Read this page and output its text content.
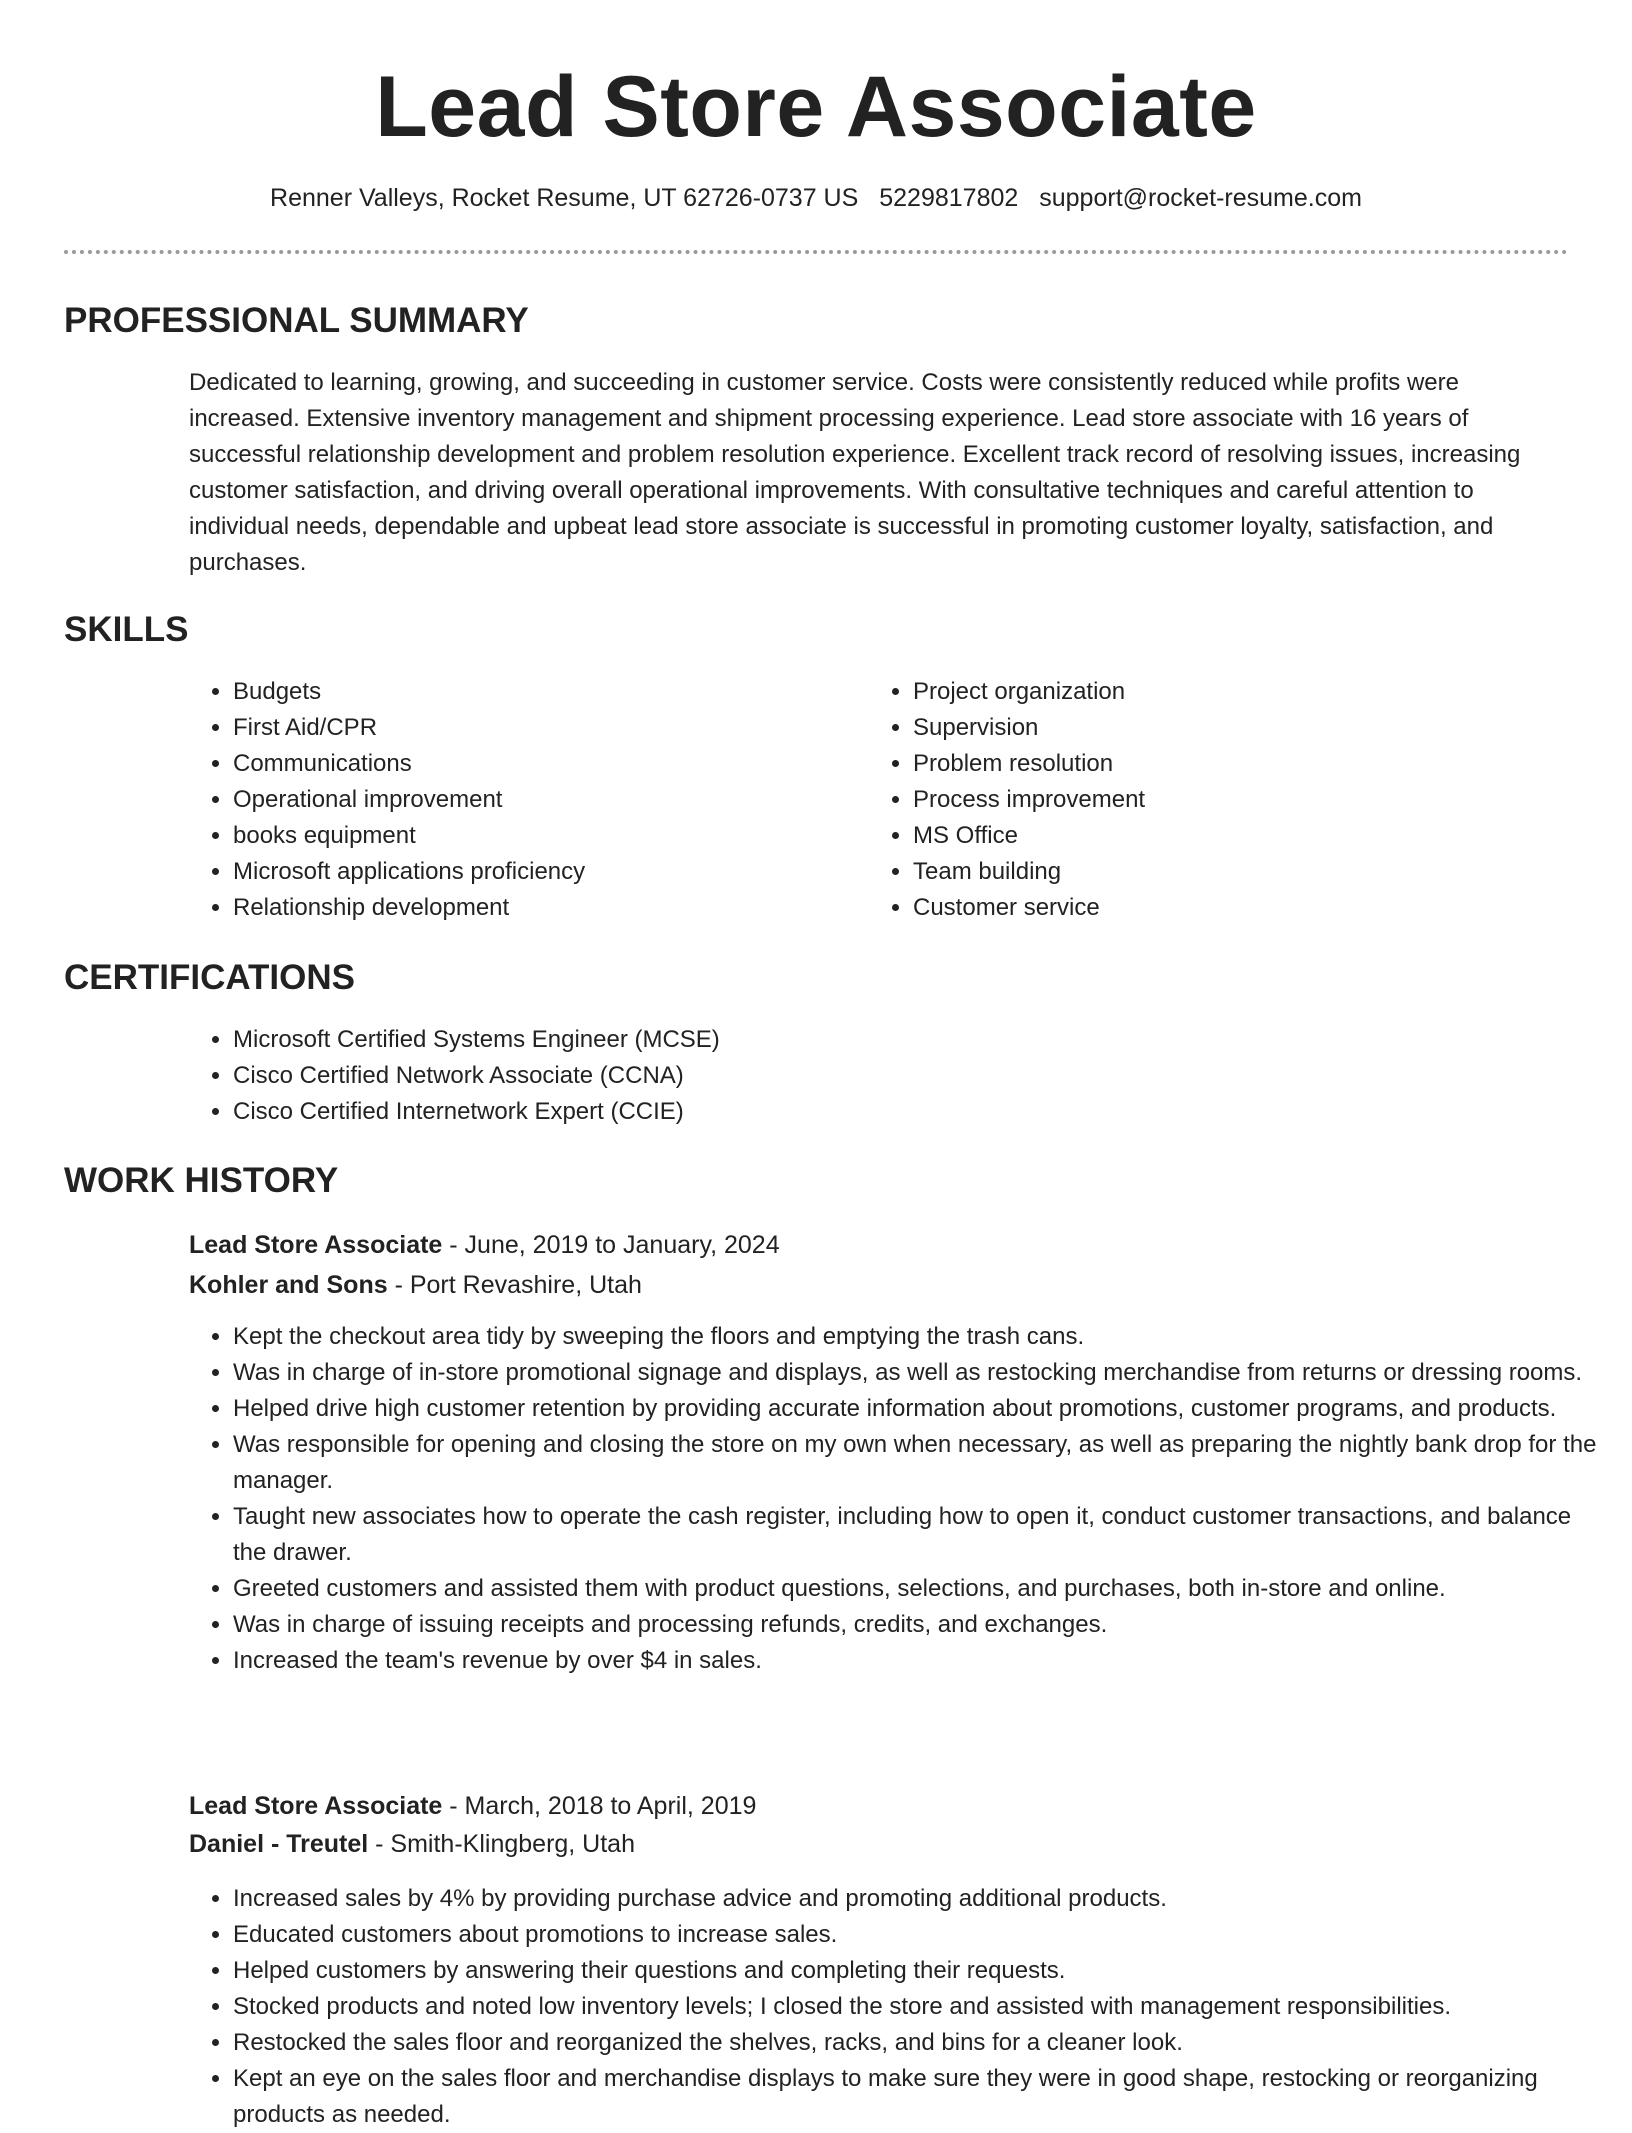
Lead Store Associate
Renner Valleys, Rocket Resume, UT 62726-0737 US 5229817802 support@rocket-resume.com
PROFESSIONAL SUMMARY
Dedicated to learning, growing, and succeeding in customer service. Costs were consistently reduced while profits were increased. Extensive inventory management and shipment processing experience. Lead store associate with 16 years of successful relationship development and problem resolution experience. Excellent track record of resolving issues, increasing customer satisfaction, and driving overall operational improvements. With consultative techniques and careful attention to individual needs, dependable and upbeat lead store associate is successful in promoting customer loyalty, satisfaction, and purchases.
SKILLS
• Budgets
• First Aid/CPR
• Communications
• Operational improvement
• books equipment
• Microsoft applications proficiency
• Relationship development
• Project organization
• Supervision
• Problem resolution
• Process improvement
• MS Office
• Team building
• Customer service
CERTIFICATIONS
• Microsoft Certified Systems Engineer (MCSE)
• Cisco Certified Network Associate (CCNA)
• Cisco Certified Internetwork Expert (CCIE)
WORK HISTORY
Lead Store Associate - June, 2019 to January, 2024
Kohler and Sons - Port Revashire, Utah
• Kept the checkout area tidy by sweeping the floors and emptying the trash cans.
• Was in charge of in-store promotional signage and displays, as well as restocking merchandise from returns or dressing rooms.
• Helped drive high customer retention by providing accurate information about promotions, customer programs, and products.
• Was responsible for opening and closing the store on my own when necessary, as well as preparing the nightly bank drop for the manager.
• Taught new associates how to operate the cash register, including how to open it, conduct customer transactions, and balance the drawer.
• Greeted customers and assisted them with product questions, selections, and purchases, both in-store and online.
• Was in charge of issuing receipts and processing refunds, credits, and exchanges.
• Increased the team's revenue by over $4 in sales.
Lead Store Associate - March, 2018 to April, 2019
Daniel - Treutel - Smith-Klingberg, Utah
• Increased sales by 4% by providing purchase advice and promoting additional products.
• Educated customers about promotions to increase sales.
• Helped customers by answering their questions and completing their requests.
• Stocked products and noted low inventory levels; I closed the store and assisted with management responsibilities.
• Restocked the sales floor and reorganized the shelves, racks, and bins for a cleaner look.
• Kept an eye on the sales floor and merchandise displays to make sure they were in good shape, restocking or reorganizing products as needed.
